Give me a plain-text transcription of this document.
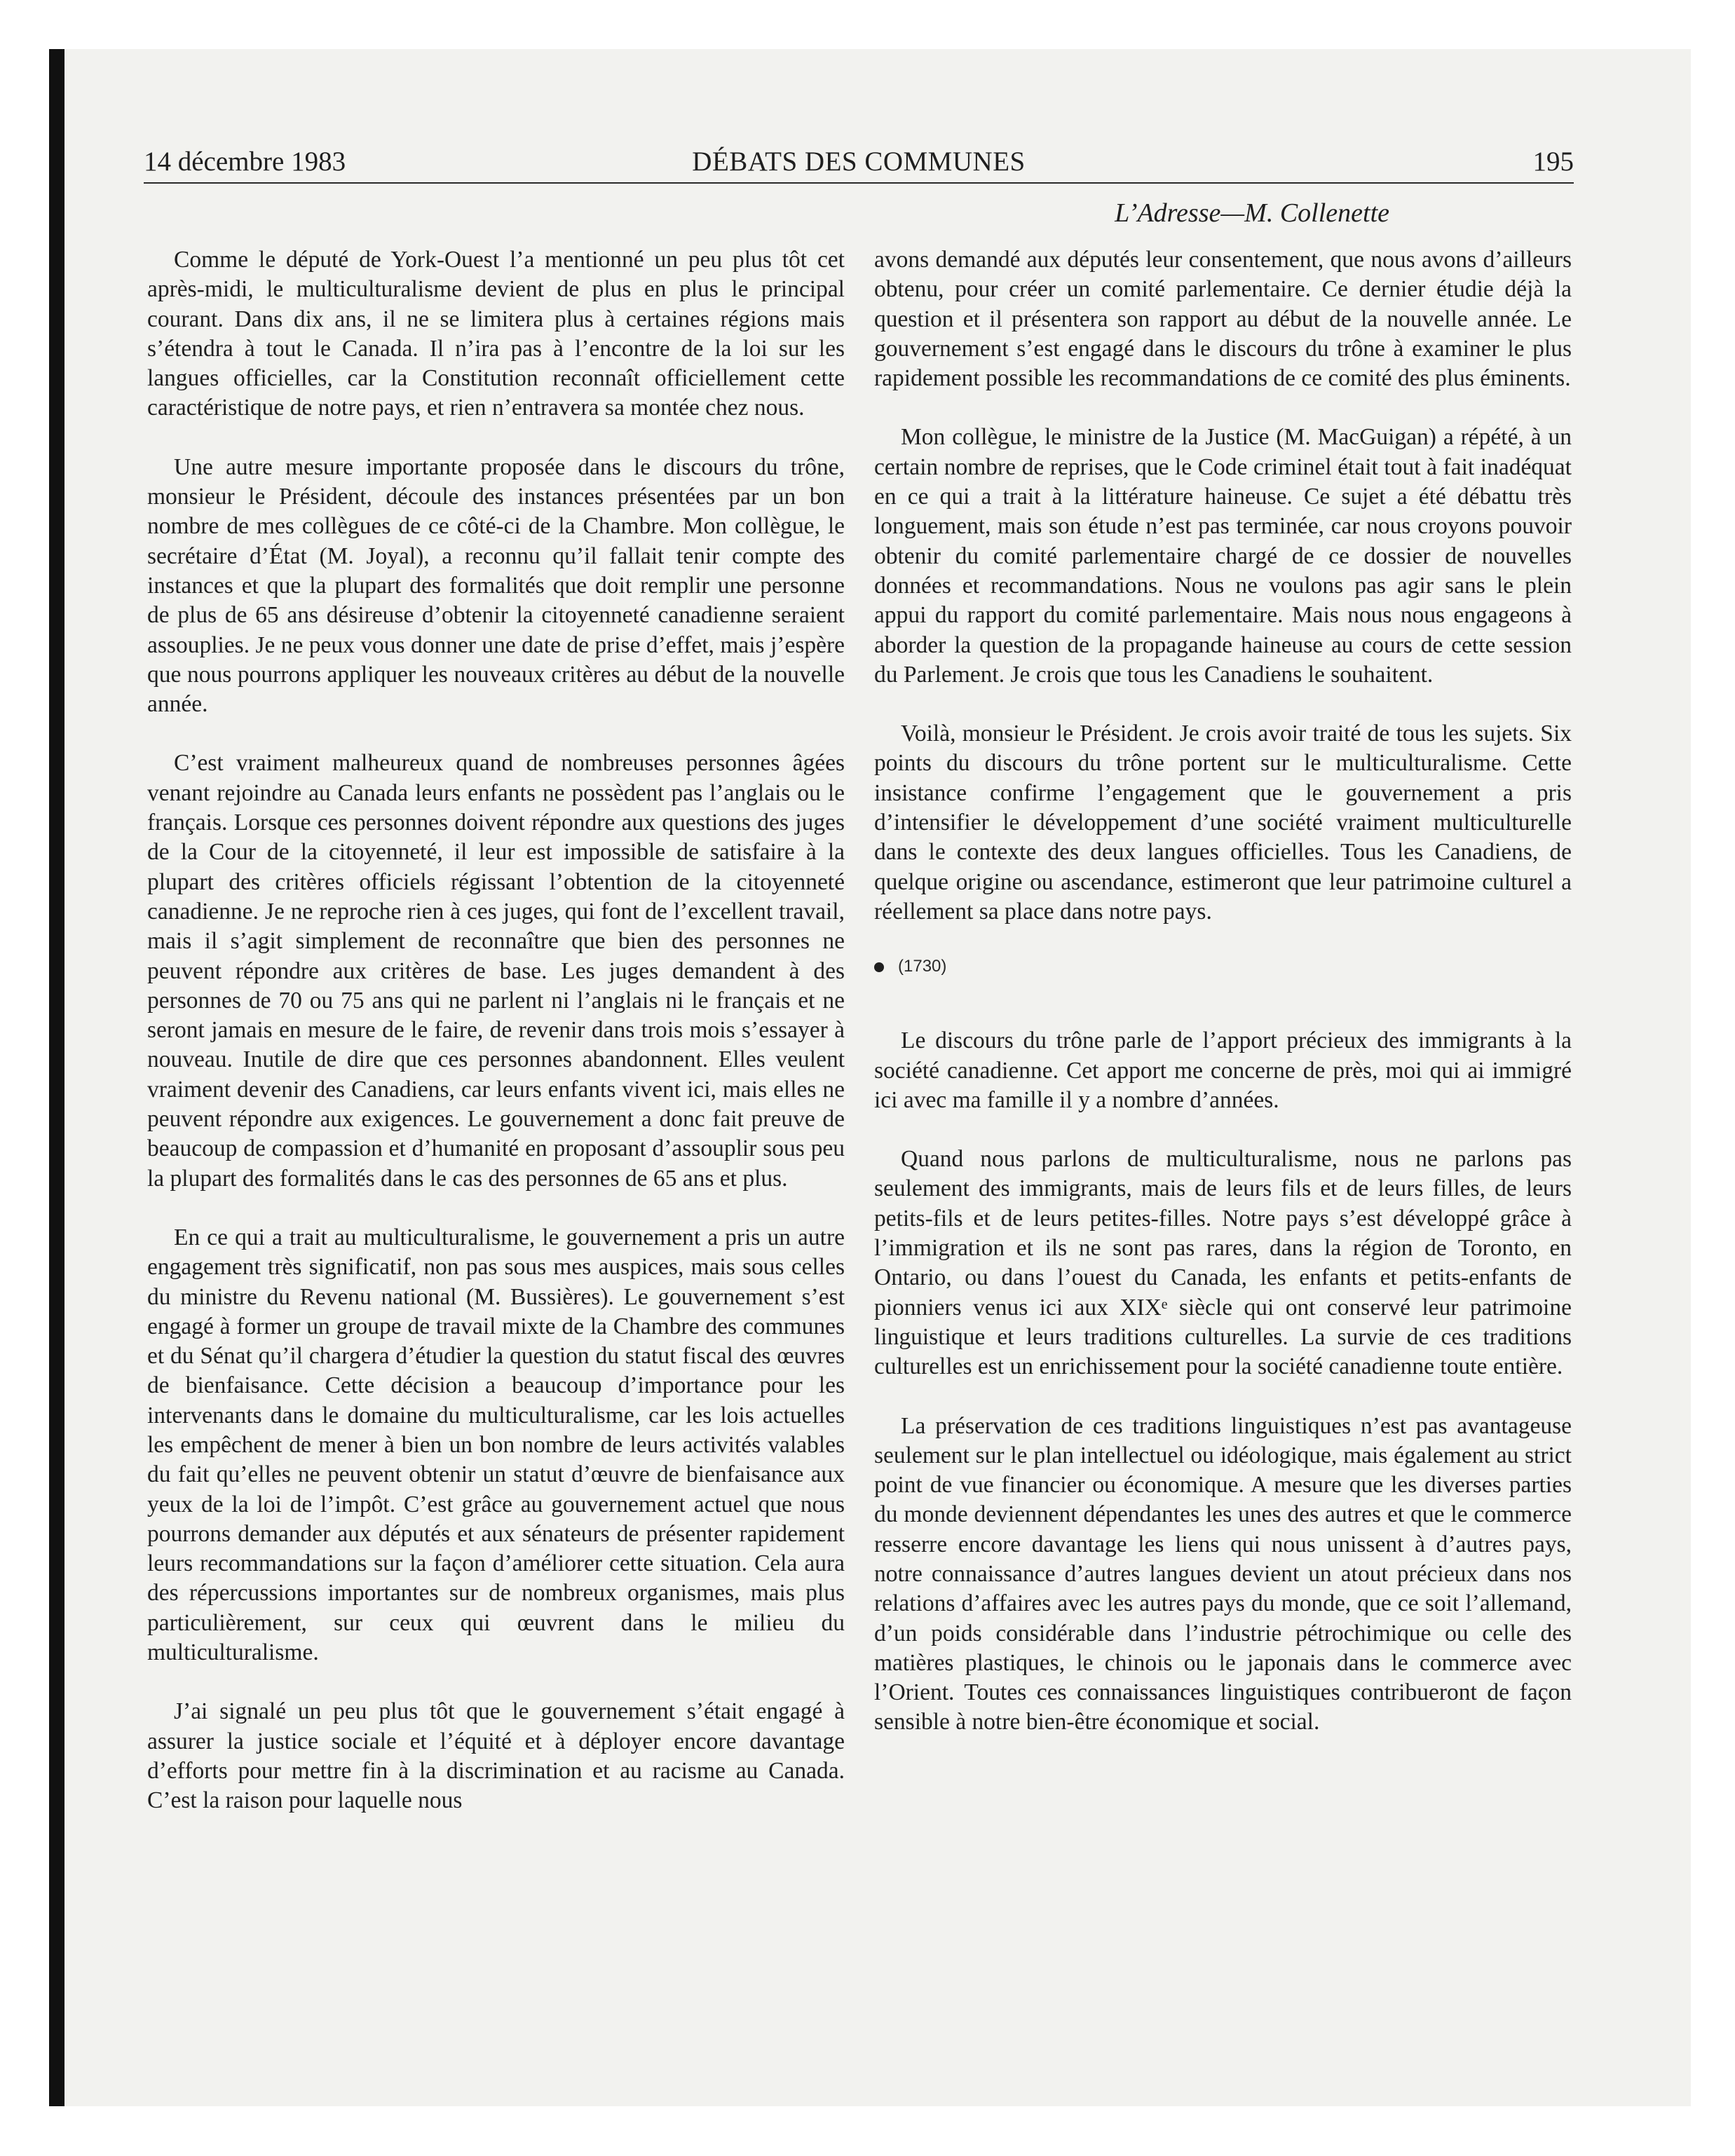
14 décembre 1983	DÉBATS DES COMMUNES	195
L’Adresse—M. Collenette

Comme le député de York-Ouest l’a mentionné un peu plus tôt cet après-midi, le multiculturalisme devient de plus en plus le principal courant. Dans dix ans, il ne se limitera plus à certaines régions mais s’étendra à tout le Canada. Il n’ira pas à l’encontre de la loi sur les langues officielles, car la Constitution reconnaît officiellement cette caractéristique de notre pays, et rien n’entravera sa montée chez nous.

Une autre mesure importante proposée dans le discours du trône, monsieur le Président, découle des instances présentées par un bon nombre de mes collègues de ce côté-ci de la Chambre. Mon collègue, le secrétaire d’État (M. Joyal), a reconnu qu’il fallait tenir compte des instances et que la plupart des formalités que doit remplir une personne de plus de 65 ans désireuse d’obtenir la citoyenneté canadienne seraient assouplies. Je ne peux vous donner une date de prise d’effet, mais j’espère que nous pourrons appliquer les nouveaux critères au début de la nouvelle année.

C’est vraiment malheureux quand de nombreuses personnes âgées venant rejoindre au Canada leurs enfants ne possèdent pas l’anglais ou le français. Lorsque ces personnes doivent répondre aux questions des juges de la Cour de la citoyenneté, il leur est impossible de satisfaire à la plupart des critères officiels régissant l’obtention de la citoyenneté canadienne. Je ne reproche rien à ces juges, qui font de l’excellent travail, mais il s’agit simplement de reconnaître que bien des personnes ne peuvent répondre aux critères de base. Les juges demandent à des personnes de 70 ou 75 ans qui ne parlent ni l’anglais ni le français et ne seront jamais en mesure de le faire, de revenir dans trois mois s’essayer à nouveau. Inutile de dire que ces personnes abandonnent. Elles veulent vraiment devenir des Canadiens, car leurs enfants vivent ici, mais elles ne peuvent répondre aux exigences. Le gouvernement a donc fait preuve de beaucoup de compassion et d’humanité en proposant d’assouplir sous peu la plupart des formalités dans le cas des personnes de 65 ans et plus.

En ce qui a trait au multiculturalisme, le gouvernement a pris un autre engagement très significatif, non pas sous mes auspices, mais sous celles du ministre du Revenu national (M. Bussières). Le gouvernement s’est engagé à former un groupe de travail mixte de la Chambre des communes et du Sénat qu’il chargera d’étudier la question du statut fiscal des œuvres de bienfaisance. Cette décision a beaucoup d’importance pour les intervenants dans le domaine du multiculturalisme, car les lois actuelles les empêchent de mener à bien un bon nombre de leurs activités valables du fait qu’elles ne peuvent obtenir un statut d’œuvre de bienfaisance aux yeux de la loi de l’impôt. C’est grâce au gouvernement actuel que nous pourrons demander aux députés et aux sénateurs de présenter rapidement leurs recommandations sur la façon d’améliorer cette situation. Cela aura des répercussions importantes sur de nombreux organismes, mais plus particulièrement, sur ceux qui œuvrent dans le milieu du multiculturalisme.

J’ai signalé un peu plus tôt que le gouvernement s’était engagé à assurer la justice sociale et l’équité et à déployer encore davantage d’efforts pour mettre fin à la discrimination et au racisme au Canada. C’est la raison pour laquelle nous

avons demandé aux députés leur consentement, que nous avons d’ailleurs obtenu, pour créer un comité parlementaire. Ce dernier étudie déjà la question et il présentera son rapport au début de la nouvelle année. Le gouvernement s’est engagé dans le discours du trône à examiner le plus rapidement possible les recommandations de ce comité des plus éminents.

Mon collègue, le ministre de la Justice (M. MacGuigan) a répété, à un certain nombre de reprises, que le Code criminel était tout à fait inadéquat en ce qui a trait à la littérature haineuse. Ce sujet a été débattu très longuement, mais son étude n’est pas terminée, car nous croyons pouvoir obtenir du comité parlementaire chargé de ce dossier de nouvelles données et recommandations. Nous ne voulons pas agir sans le plein appui du rapport du comité parlementaire. Mais nous nous engageons à aborder la question de la propagande haineuse au cours de cette session du Parlement. Je crois que tous les Canadiens le souhaitent.

Voilà, monsieur le Président. Je crois avoir traité de tous les sujets. Six points du discours du trône portent sur le multiculturalisme. Cette insistance confirme l’engagement que le gouvernement a pris d’intensifier le développement d’une société vraiment multiculturelle dans le contexte des deux langues officielles. Tous les Canadiens, de quelque origine ou ascendance, estimeront que leur patrimoine culturel a réellement sa place dans notre pays.

(1730)

Le discours du trône parle de l’apport précieux des immigrants à la société canadienne. Cet apport me concerne de près, moi qui ai immigré ici avec ma famille il y a nombre d’années.

Quand nous parlons de multiculturalisme, nous ne parlons pas seulement des immigrants, mais de leurs fils et de leurs filles, de leurs petits-fils et de leurs petites-filles. Notre pays s’est développé grâce à l’immigration et ils ne sont pas rares, dans la région de Toronto, en Ontario, ou dans l’ouest du Canada, les enfants et petits-enfants de pionniers venus ici aux XIXᵉ siècle qui ont conservé leur patrimoine linguistique et leurs traditions culturelles. La survie de ces traditions culturelles est un enrichissement pour la société canadienne toute entière.

La préservation de ces traditions linguistiques n’est pas avantageuse seulement sur le plan intellectuel ou idéologique, mais également au strict point de vue financier ou économique. A mesure que les diverses parties du monde deviennent dépendantes les unes des autres et que le commerce resserre encore davantage les liens qui nous unissent à d’autres pays, notre connaissance d’autres langues devient un atout précieux dans nos relations d’affaires avec les autres pays du monde, que ce soit l’allemand, d’un poids considérable dans l’industrie pétrochimique ou celle des matières plastiques, le chinois ou le japonais dans le commerce avec l’Orient. Toutes ces connaissances linguistiques contribueront de façon sensible à notre bien-être économique et social.
